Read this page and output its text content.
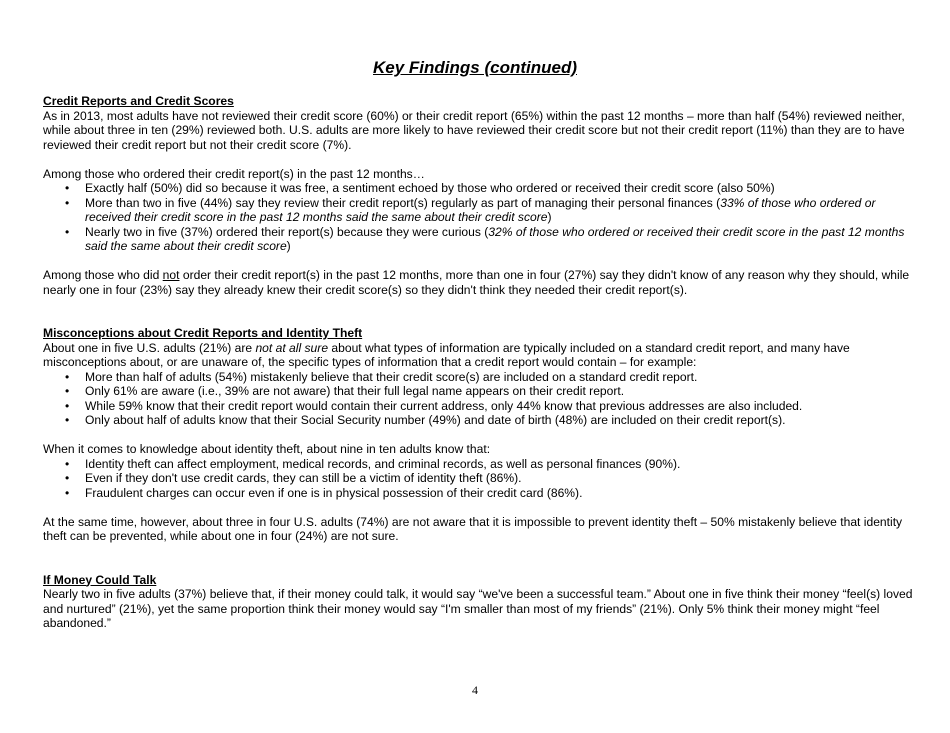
Key Findings (continued)
Credit Reports and Credit Scores

As in 2013, most adults have not reviewed their credit score (60%) or their credit report (65%) within the past 12 months – more than half (54%) reviewed neither, while about three in ten (29%) reviewed both. U.S. adults are more likely to have reviewed their credit score but not their credit report (11%) than they are to have reviewed their credit report but not their credit score (7%).

Among those who ordered their credit report(s) in the past 12 months…

• Exactly half (50%) did so because it was free, a sentiment echoed by those who ordered or received their credit score (also 50%)
• More than two in five (44%) say they review their credit report(s) regularly as part of managing their personal finances (33% of those who ordered or received their credit score in the past 12 months said the same about their credit score)
• Nearly two in five (37%) ordered their report(s) because they were curious (32% of those who ordered or received their credit score in the past 12 months said the same about their credit score)

Among those who did not order their credit report(s) in the past 12 months, more than one in four (27%) say they didn't know of any reason why they should, while nearly one in four (23%) say they already knew their credit score(s) so they didn't think they needed their credit report(s).

Misconceptions about Credit Reports and Identity Theft

About one in five U.S. adults (21%) are not at all sure about what types of information are typically included on a standard credit report, and many have misconceptions about, or are unaware of, the specific types of information that a credit report would contain – for example:

• More than half of adults (54%) mistakenly believe that their credit score(s) are included on a standard credit report.
• Only 61% are aware (i.e., 39% are not aware) that their full legal name appears on their credit report.
• While 59% know that their credit report would contain their current address, only 44% know that previous addresses are also included.
• Only about half of adults know that their Social Security number (49%) and date of birth (48%) are included on their credit report(s).

When it comes to knowledge about identity theft, about nine in ten adults know that:

• Identity theft can affect employment, medical records, and criminal records, as well as personal finances (90%).
• Even if they don't use credit cards, they can still be a victim of identity theft (86%).
• Fraudulent charges can occur even if one is in physical possession of their credit card (86%).

At the same time, however, about three in four U.S. adults (74%) are not aware that it is impossible to prevent identity theft – 50% mistakenly believe that identity theft can be prevented, while about one in four (24%) are not sure.

If Money Could Talk

Nearly two in five adults (37%) believe that, if their money could talk, it would say “we've been a successful team.” About one in five think their money “feel(s) loved and nurtured” (21%), yet the same proportion think their money would say “I'm smaller than most of my friends” (21%). Only 5% think their money might “feel abandoned.”

4
